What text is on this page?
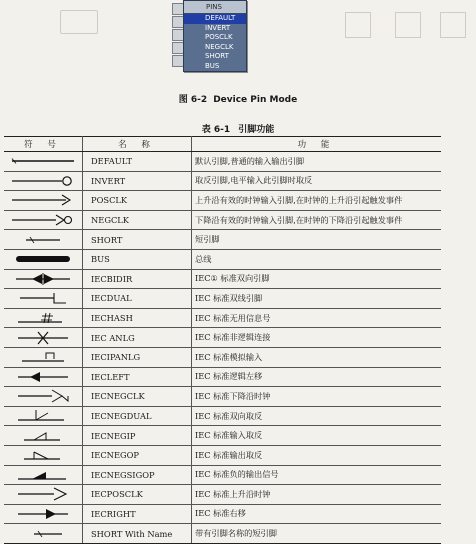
PINS
DEFAULT
INVERT
POSCLK
NEGCLK
SHORT
BUS
图 6-2 Device Pin Mode
表 6-1 引脚功能
符 号	名 称	功 能

	DEFAULT	默认引脚,普通的输入输出引脚

	INVERT	取反引脚,电平输入此引脚时取反

	POSCLK	上升沿有效的时钟输入引脚,在时钟的上升沿引起触发事件

	NEGCLK	下降沿有效的时钟输入引脚,在时钟的下降沿引起触发事件

	SHORT	短引脚

	BUS	总线

	IECBIDIR	IEC① 标准双向引脚

	IECDUAL	IEC 标准双线引脚

	IECHASH	IEC 标准无用信息号

	IEC ANLG	IEC 标准非逻辑连接

	IECIPANLG	IEC 标准模拟输入

	IECLEFT	IEC 标准逻辑左移

	IECNEGCLK	IEC 标准下降沿时钟

	IECNEGDUAL	IEC 标准双向取反

	IECNEGIP	IEC 标准输入取反

	IECNEGOP	IEC 标准输出取反

	IECNEGSIGOP	IEC 标准负的输出信号

	IECPOSCLK	IEC 标准上升沿时钟

	IECRIGHT	IEC 标准右移

	SHORT With Name	带有引脚名称的短引脚
